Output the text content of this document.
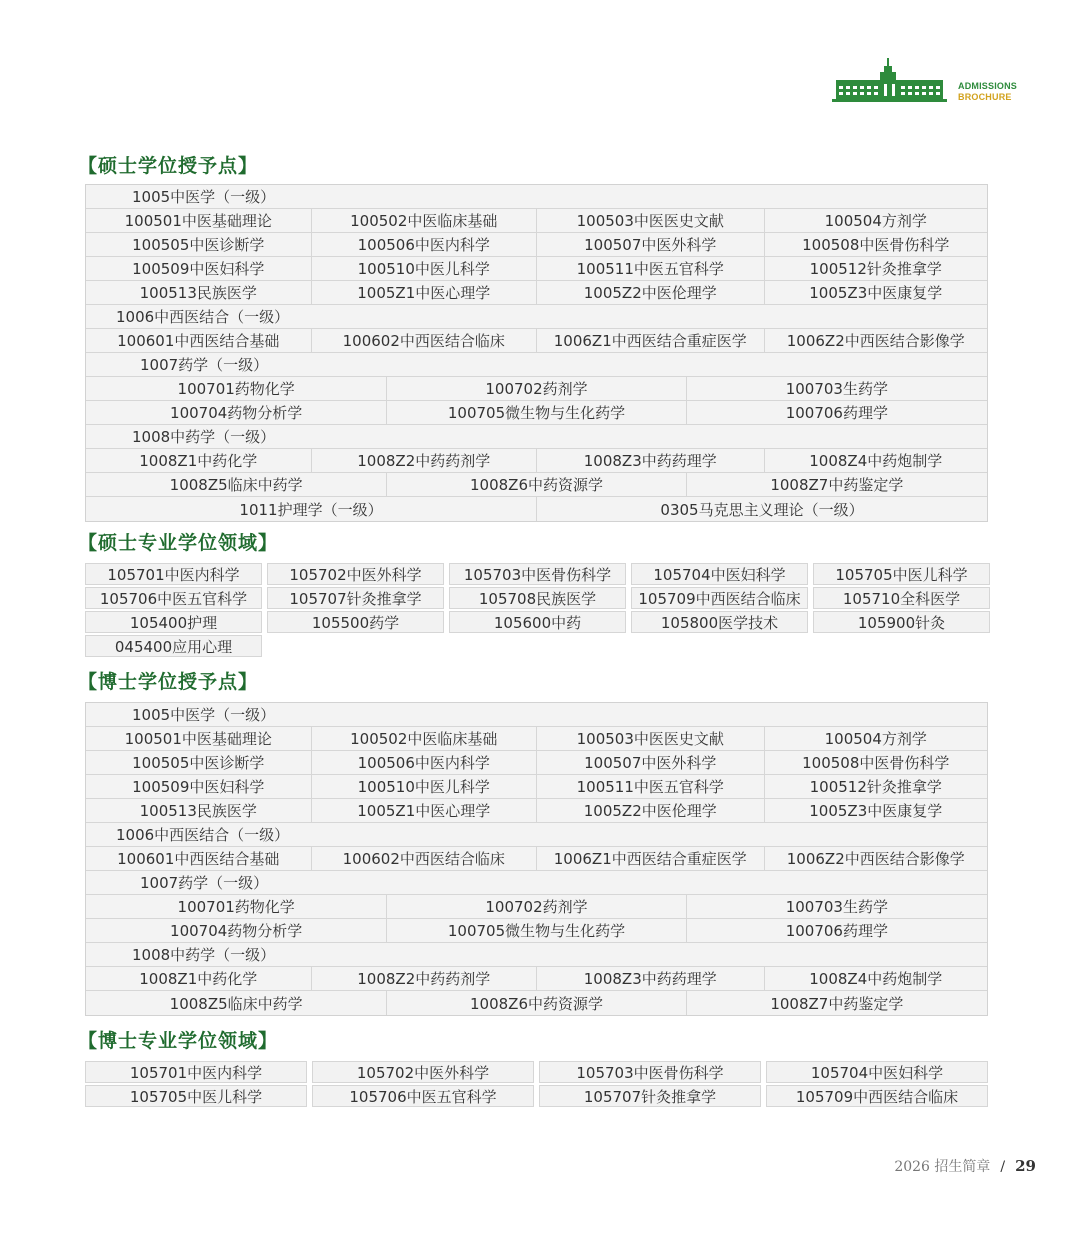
ADMISSIONS
BROCHURE
【硕士学位授予点】
1005中医学（一级）
100501中医基础理论	100502中医临床基础	100503中医医史文献	100504方剂学
100505中医诊断学	100506中医内科学	100507中医外科学	100508中医骨伤科学
100509中医妇科学	100510中医儿科学	100511中医五官科学	100512针灸推拿学
100513民族医学	1005Z1中医心理学	1005Z2中医伦理学	1005Z3中医康复学
1006中西医结合（一级）
100601中西医结合基础	100602中西医结合临床	1006Z1中西医结合重症医学	1006Z2中西医结合影像学
1007药学（一级）
100701药物化学	100702药剂学	100703生药学
100704药物分析学	100705微生物与生化药学	100706药理学
1008中药学（一级）
1008Z1中药化学	1008Z2中药药剂学	1008Z3中药药理学	1008Z4中药炮制学
1008Z5临床中药学	1008Z6中药资源学	1008Z7中药鉴定学
1011护理学（一级）	0305马克思主义理论（一级）
【硕士专业学位领域】
105701中医内科学	105702中医外科学	105703中医骨伤科学	105704中医妇科学	105705中医儿科学
105706中医五官科学	105707针灸推拿学	105708民族医学	105709中西医结合临床	105710全科医学
105400护理	105500药学	105600中药	105800医学技术	105900针灸
045400应用心理
【博士学位授予点】
1005中医学（一级）
100501中医基础理论	100502中医临床基础	100503中医医史文献	100504方剂学
100505中医诊断学	100506中医内科学	100507中医外科学	100508中医骨伤科学
100509中医妇科学	100510中医儿科学	100511中医五官科学	100512针灸推拿学
100513民族医学	1005Z1中医心理学	1005Z2中医伦理学	1005Z3中医康复学
1006中西医结合（一级）
100601中西医结合基础	100602中西医结合临床	1006Z1中西医结合重症医学	1006Z2中西医结合影像学
1007药学（一级）
100701药物化学	100702药剂学	100703生药学
100704药物分析学	100705微生物与生化药学	100706药理学
1008中药学（一级）
1008Z1中药化学	1008Z2中药药剂学	1008Z3中药药理学	1008Z4中药炮制学
1008Z5临床中药学	1008Z6中药资源学	1008Z7中药鉴定学
【博士专业学位领域】
105701中医内科学	105702中医外科学	105703中医骨伤科学	105704中医妇科学
105705中医儿科学	105706中医五官科学	105707针灸推拿学	105709中西医结合临床
2026 招生简章 / 29
